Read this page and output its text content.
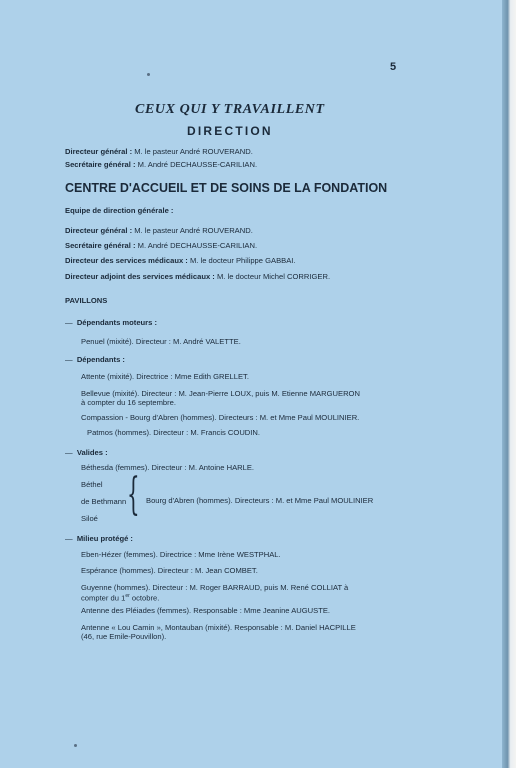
5
CEUX QUI Y TRAVAILLENT
DIRECTION
Directeur général : M. le pasteur André ROUVERAND.
Secrétaire général : M. André DECHAUSSE-CARILIAN.
CENTRE D'ACCUEIL ET DE SOINS DE LA FONDATION
Equipe de direction générale :
Directeur général : M. le pasteur André ROUVERAND.
Secrétaire général : M. André DECHAUSSE-CARILIAN.
Directeur des services médicaux : M. le docteur Philippe GABBAI.
Directeur adjoint des services médicaux : M. le docteur Michel CORRIGER.
PAVILLONS
— Dépendants moteurs :
Penuel (mixité). Directeur : M. André VALETTE.
— Dépendants :
Attente (mixité). Directrice : Mme Edith GRELLET.
Bellevue (mixité). Directeur : M. Jean-Pierre LOUX, puis M. Etienne MARGUERON
à compter du 16 septembre.
Compassion - Bourg d'Abren (hommes). Directeurs : M. et Mme Paul MOULINIER.
Patmos (hommes). Directeur : M. Francis COUDIN.
— Valides :
Béthesda (femmes). Directeur : M. Antoine HARLE.
Béthel
de Bethmann
Siloé { Bourg d'Abren (hommes). Directeurs : M. et Mme Paul MOULINIER
— Milieu protégé :
Eben-Hézer (femmes). Directrice : Mme Irène WESTPHAL.
Espérance (hommes). Directeur : M. Jean COMBET.
Guyenne (hommes). Directeur : M. Roger BARRAUD, puis M. René COLLIAT à
compter du 1er octobre.
Antenne des Pléiades (femmes). Responsable : Mme Jeanine AUGUSTE.
Antenne « Lou Camin », Montauban (mixité). Responsable : M. Daniel HACPILLE
(46, rue Emile-Pouvillon).
